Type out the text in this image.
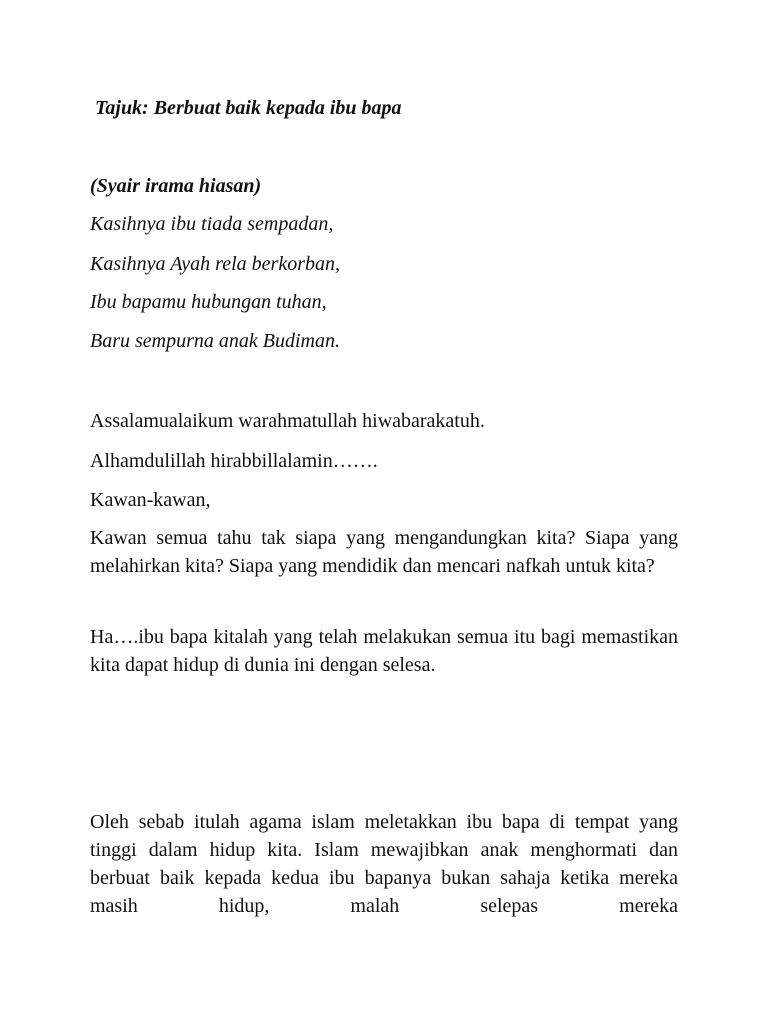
Tajuk: Berbuat baik kepada ibu bapa
(Syair irama hiasan)
Kasihnya ibu tiada sempadan,
Kasihnya Ayah rela berkorban,
Ibu bapamu hubungan tuhan,
Baru sempurna anak Budiman.
Assalamualaikum warahmatullah hiwabarakatuh.
Alhamdulillah hirabbillalamin…….
Kawan-kawan,
Kawan semua tahu tak siapa yang mengandungkan kita? Siapa yang melahirkan kita? Siapa yang mendidik dan mencari nafkah untuk kita?
Ha….ibu bapa kitalah yang telah melakukan semua itu bagi memastikan kita dapat hidup di dunia ini dengan selesa.
Oleh sebab itulah agama islam meletakkan ibu bapa di tempat yang tinggi dalam hidup kita. Islam mewajibkan anak menghormati dan berbuat baik kepada kedua ibu bapanya bukan sahaja ketika mereka masih hidup, malah selepas mereka
